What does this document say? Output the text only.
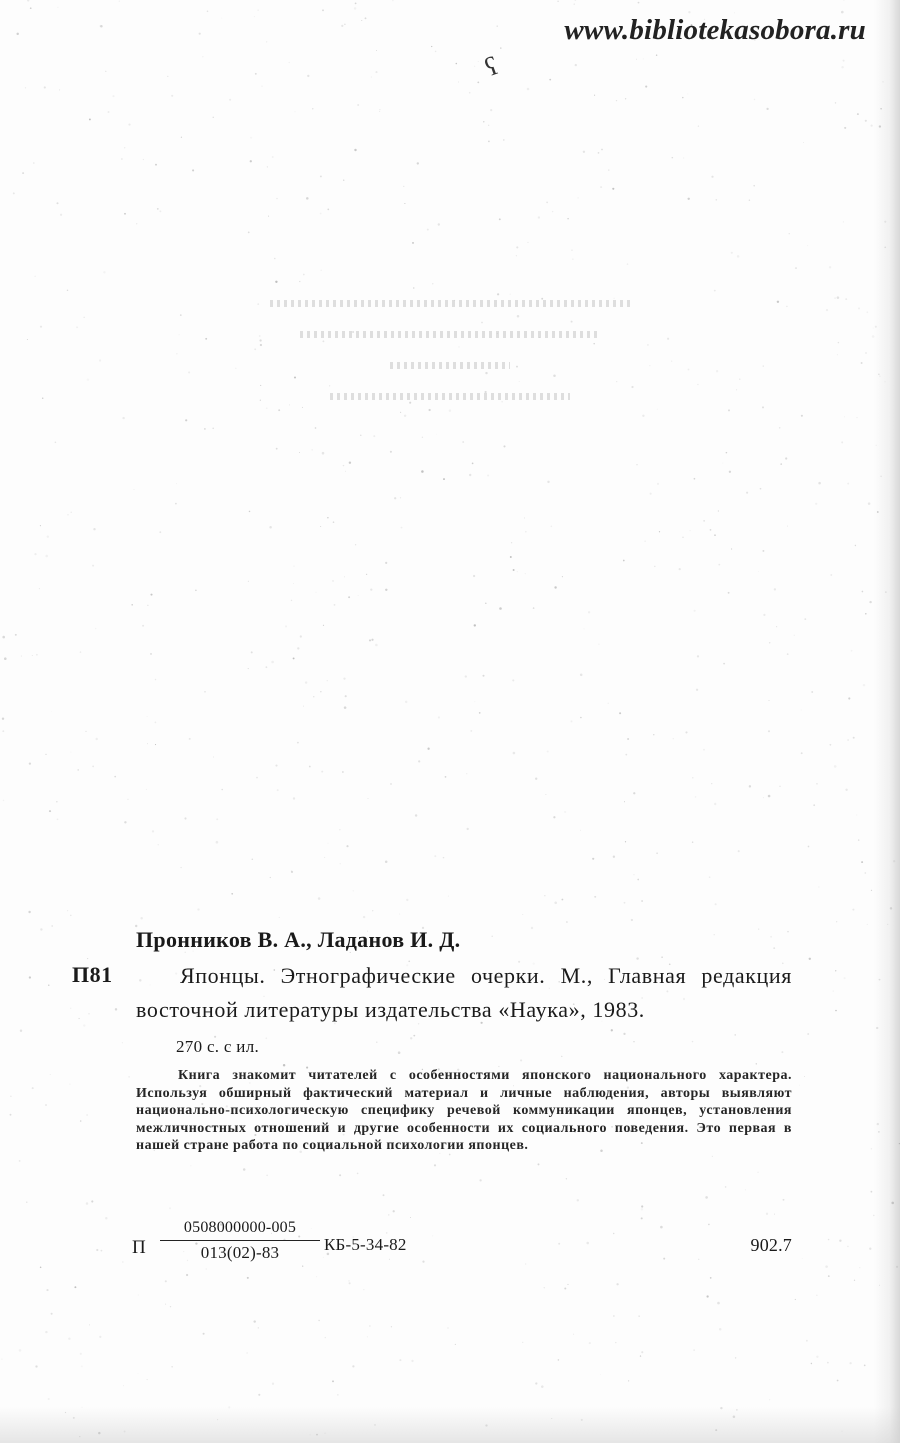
www.bibliotekasobora.ru
ʕ
Пронников В. А., Ладанов И. Д.
П81	Японцы. Этнографические очерки. М., Главная редакция восточной литературы издательства «Наука», 1983.
270 с. с ил.
Книга знакомит читателей с особенностями японского национального характера. Используя обширный фактический материал и личные наблюдения, авторы выявляют национально-психологическую специфику речевой коммуникации японцев, установления межличностных отношений и другие особенности их социального поведения. Это первая в нашей стране работа по социальной психологии японцев.
П
0508000000-005
013(02)-83	КБ-5-34-82	902.7
